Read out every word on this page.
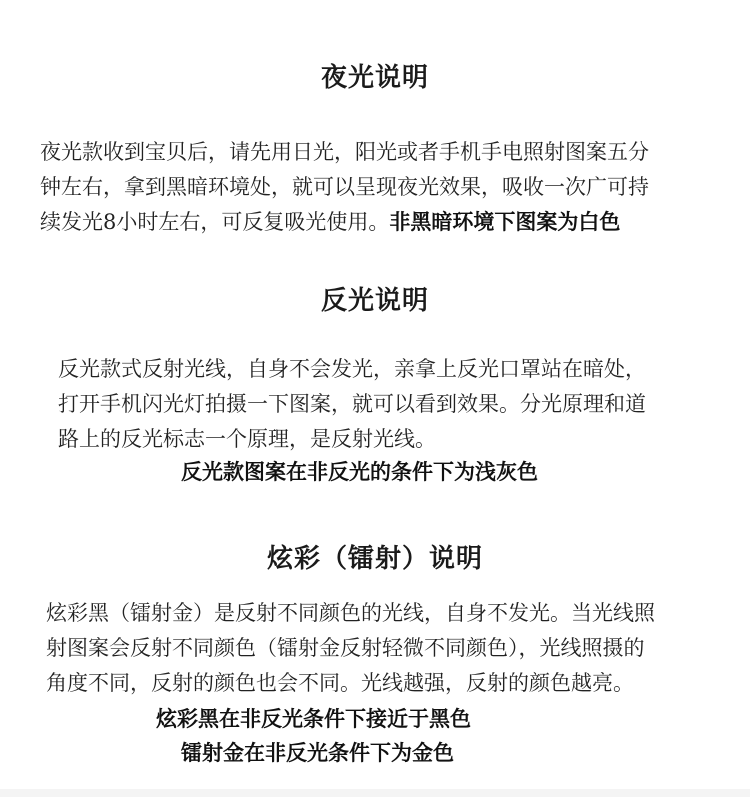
夜光说明

夜光款收到宝贝后，请先用日光，阳光或者手机手电照射图案五分
钟左右，拿到黑暗环境处，就可以呈现夜光效果，吸收一次广可持
续发光8小时左右，可反复吸光使用。非黑暗环境下图案为白色

反光说明

反光款式反射光线，自身不会发光，亲拿上反光口罩站在暗处，
打开手机闪光灯拍摄一下图案，就可以看到效果。分光原理和道
路上的反光标志一个原理，是反射光线。

反光款图案在非反光的条件下为浅灰色

炫彩（镭射）说明

炫彩黑（镭射金）是反射不同颜色的光线，自身不发光。当光线照
射图案会反射不同颜色（镭射金反射轻微不同颜色），光线照摄的
角度不同，反射的颜色也会不同。光线越强，反射的颜色越亮。

炫彩黑在非反光条件下接近于黑色

镭射金在非反光条件下为金色
